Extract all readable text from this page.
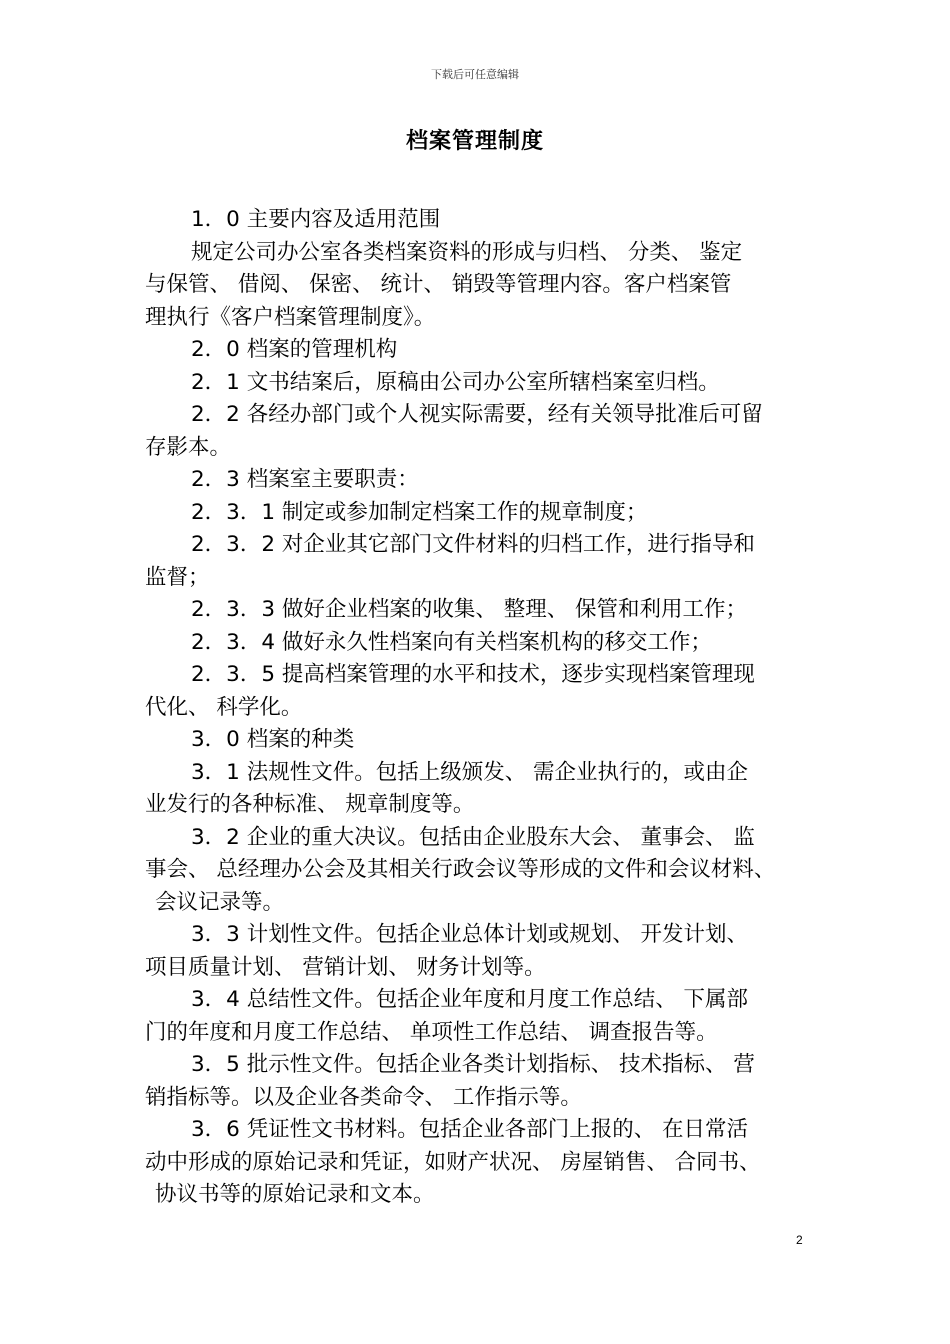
下载后可任意编辑
档案管理制度
1．0 主要内容及适用范围
规定公司办公室各类档案资料的形成与归档、 分类、 鉴定
与保管、 借阅、 保密、 统计、 销毁等管理内容。客户档案管
理执行《客户档案管理制度》。
2．0 档案的管理机构
2．1 文书结案后，原稿由公司办公室所辖档案室归档。
2．2 各经办部门或个人视实际需要，经有关领导批准后可留
存影本。
2．3 档案室主要职责：
2．3．1 制定或参加制定档案工作的规章制度；
2．3．2 对企业其它部门文件材料的归档工作，进行指导和
监督；
2．3．3 做好企业档案的收集、 整理、 保管和利用工作；
2．3．4 做好永久性档案向有关档案机构的移交工作；
2．3．5 提高档案管理的水平和技术，逐步实现档案管理现
代化、 科学化。
3．0 档案的种类
3．1 法规性文件。包括上级颁发、 需企业执行的，或由企
业发行的各种标准、 规章制度等。
3．2 企业的重大决议。包括由企业股东大会、 董事会、 监
事会、 总经理办公会及其相关行政会议等形成的文件和会议材料、
会议记录等。
3．3 计划性文件。包括企业总体计划或规划、 开发计划、
项目质量计划、 营销计划、 财务计划等。
3．4 总结性文件。包括企业年度和月度工作总结、 下属部
门的年度和月度工作总结、 单项性工作总结、 调查报告等。
3．5 批示性文件。包括企业各类计划指标、 技术指标、 营
销指标等。以及企业各类命令、 工作指示等。
3．6 凭证性文书材料。包括企业各部门上报的、 在日常活
动中形成的原始记录和凭证，如财产状况、 房屋销售、 合同书、
协议书等的原始记录和文本。
2
